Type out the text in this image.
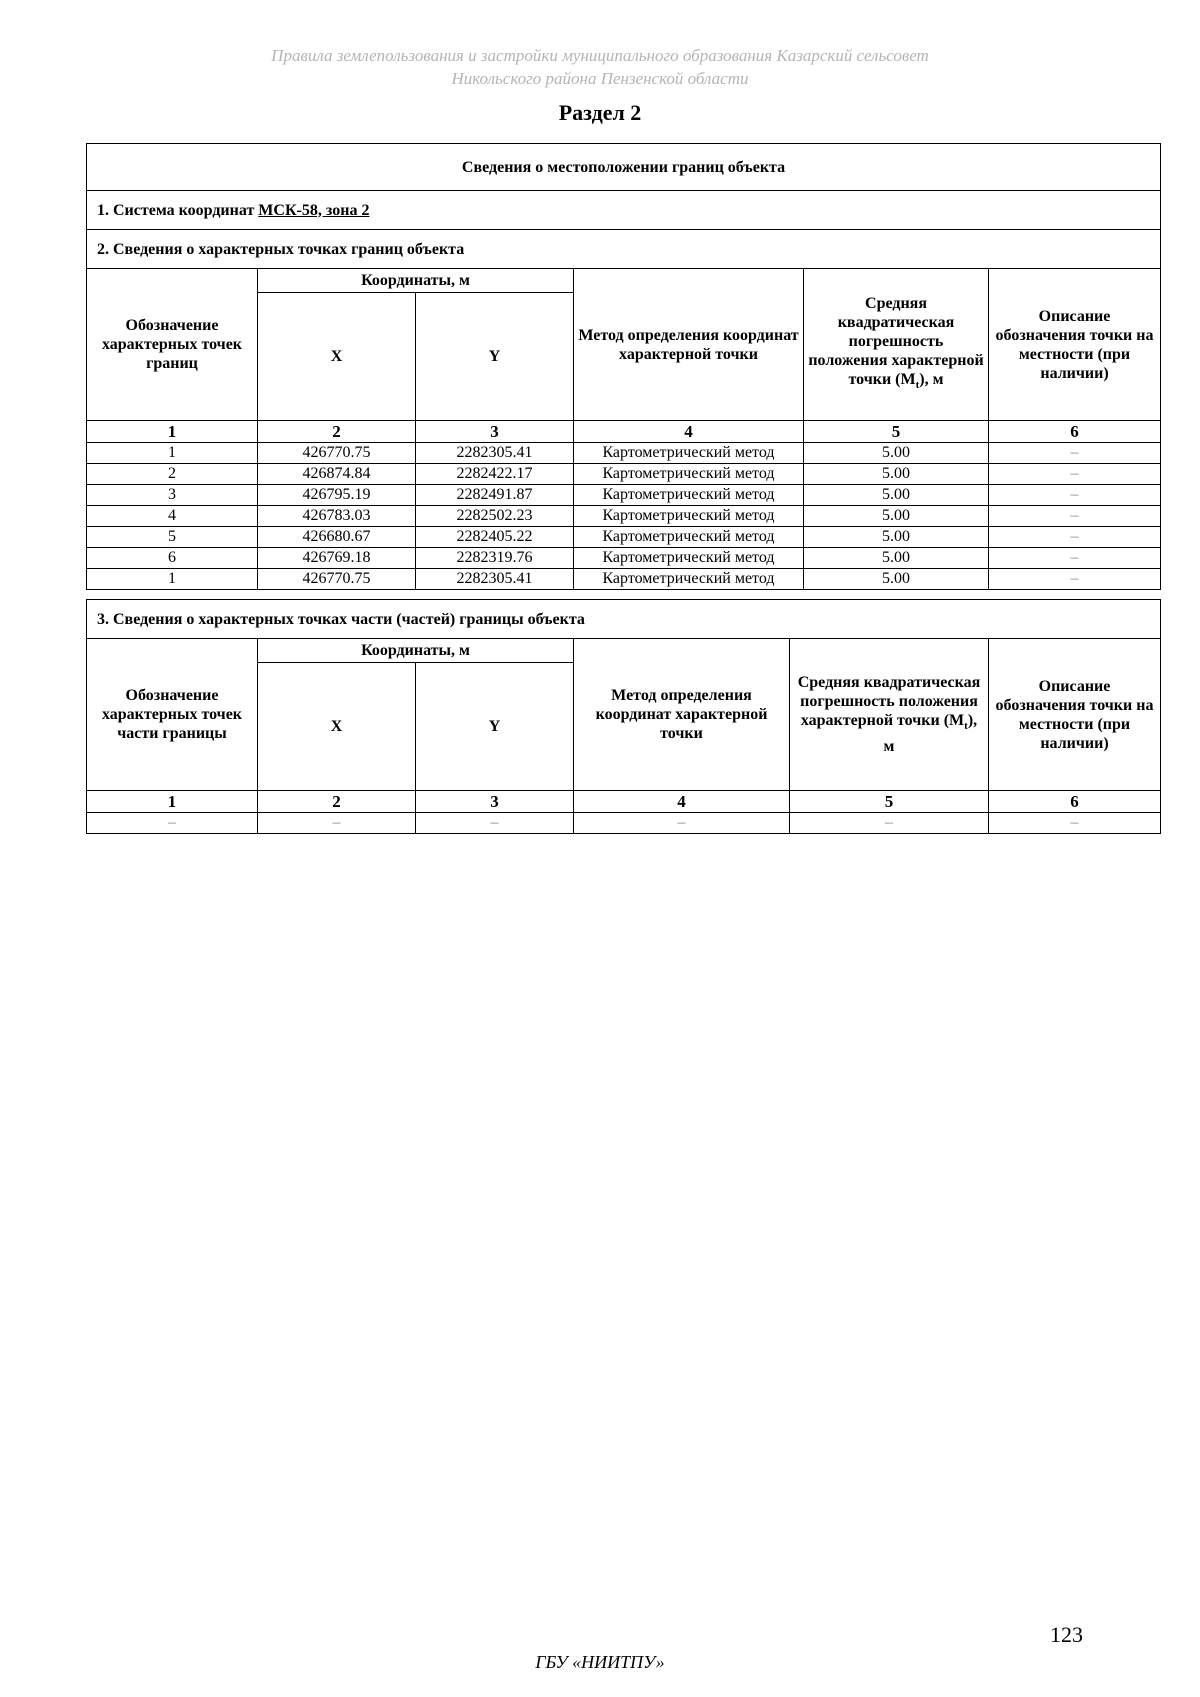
Правила землепользования и застройки муниципального образования Казарский сельсовет
Никольского района Пензенской области
Раздел 2
Сведения о местоположении границ объекта					
1. Система координат МСК-58, зона 2					
2. Сведения о характерных точках границ объекта					
Обозначение характерных точек границ	Координаты, м		Метод определения координат характерной точки	Средняя квадратическая погрешность положения характерной точки $(M_t)$, м	Описание обозначения точки на местности (при наличии)
	X	Y			
1	2	3	4	5	6
1	426770.75	2282305.41	Картометрический метод	5.00	–
2	426874.84	2282422.17	Картометрический метод	5.00	–
3	426795.19	2282491.87	Картометрический метод	5.00	–
4	426783.03	2282502.23	Картометрический метод	5.00	–
5	426680.67	2282405.22	Картометрический метод	5.00	–
6	426769.18	2282319.76	Картометрический метод	5.00	–
1	426770.75	2282305.41	Картометрический метод	5.00	–
3. Сведения о характерных точках части (частей) границы объекта					
Обозначение характерных точек части границы	Координаты, м		Метод определения координат характерной точки	Средняя квадратическая погрешность положения характерной точки $(M_t)$, м	Описание обозначения точки на местности (при наличии)
	X	Y			
1	2	3	4	5	6
–	–	–	–	–	–
123
ГБУ «НИИТПУ»
